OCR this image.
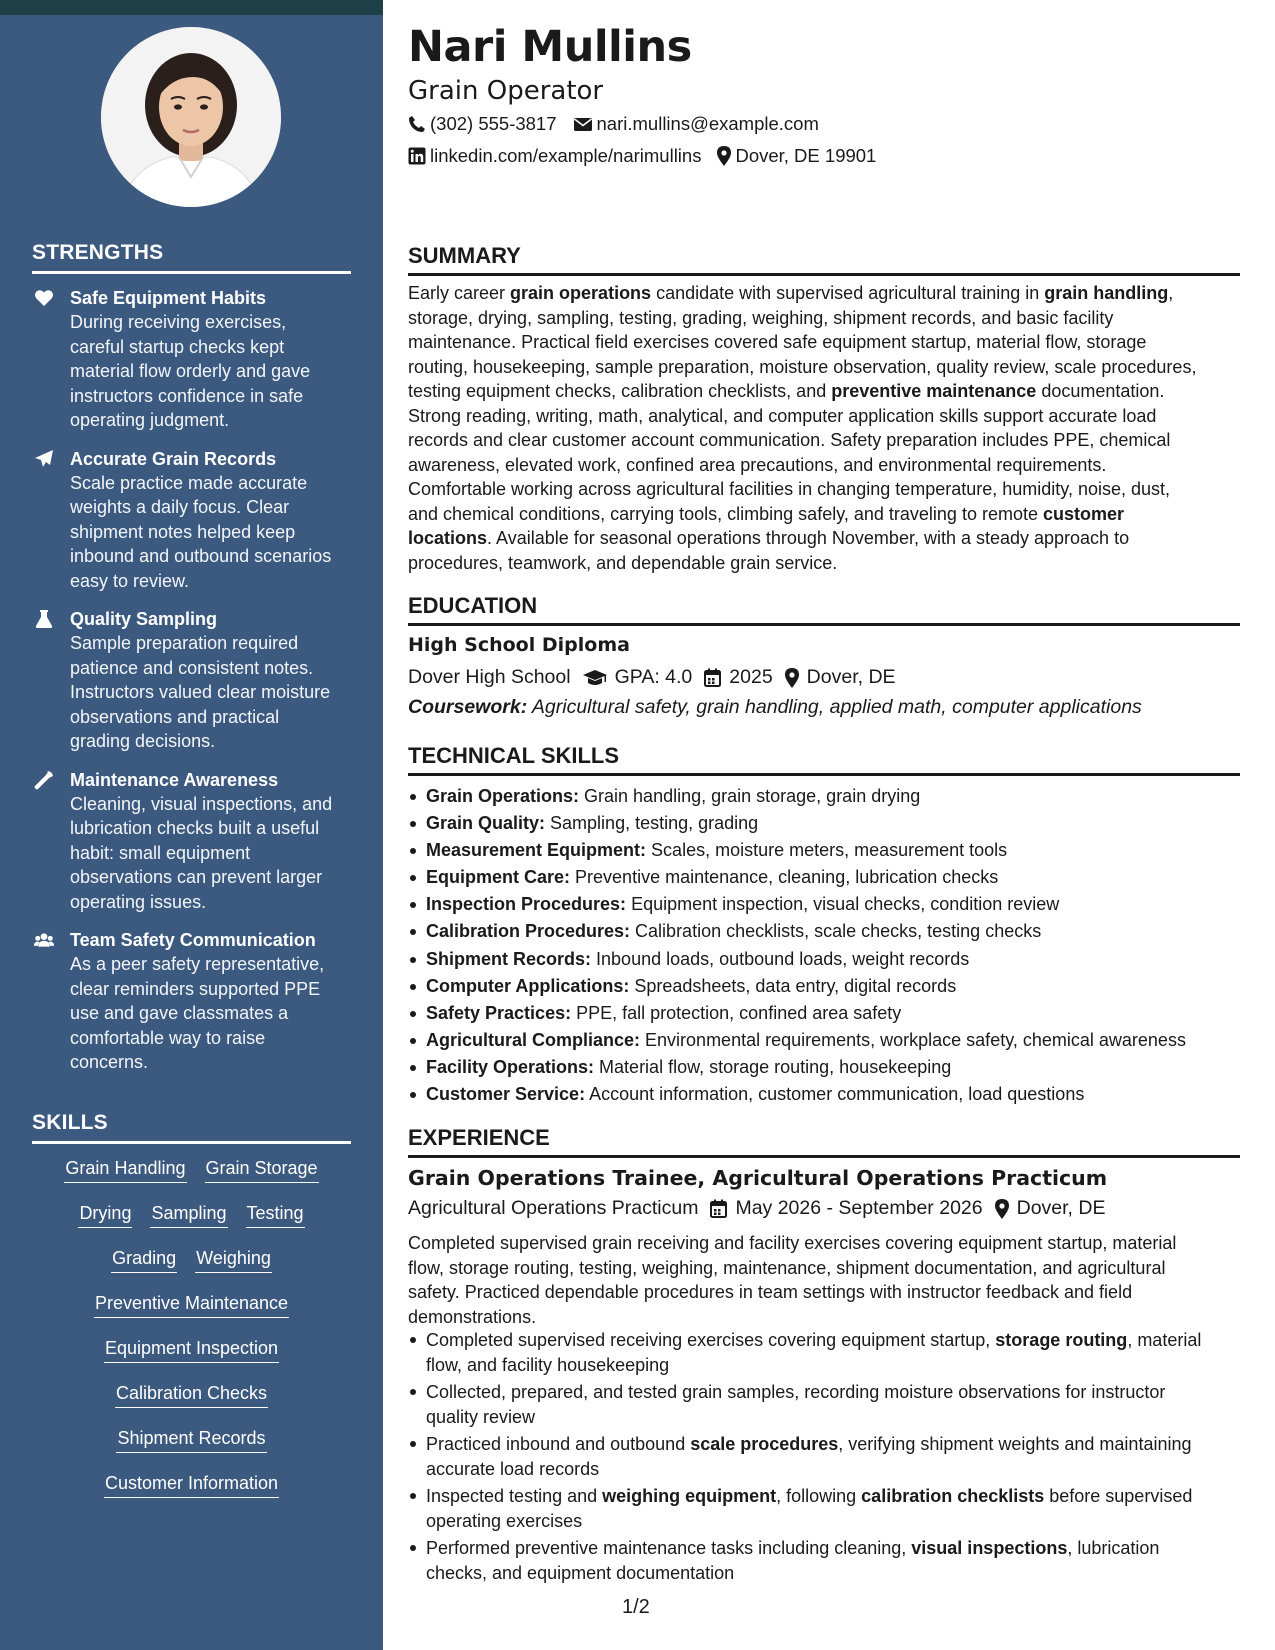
STRENGTHS
Safe Equipment Habits
During receiving exercises,
careful startup checks kept
material flow orderly and gave
instructors confidence in safe
operating judgment.
Accurate Grain Records
Scale practice made accurate
weights a daily focus. Clear
shipment notes helped keep
inbound and outbound scenarios
easy to review.
Quality Sampling
Sample preparation required
patience and consistent notes.
Instructors valued clear moisture
observations and practical
grading decisions.
Maintenance Awareness
Cleaning, visual inspections, and
lubrication checks built a useful
habit: small equipment
observations can prevent larger
operating issues.
Team Safety Communication
As a peer safety representative,
clear reminders supported PPE
use and gave classmates a
comfortable way to raise
concerns.
SKILLS
Grain Handling Grain Storage
Drying Sampling Testing
Grading Weighing
Preventive Maintenance
Equipment Inspection
Calibration Checks
Shipment Records
Customer Information
Nari Mullins
Grain Operator
(302) 555-3817 nari.mullins@example.com
linkedin.com/example/narimullins Dover, DE 19901
SUMMARY
Early career grain operations candidate with supervised agricultural training in grain handling,
storage, drying, sampling, testing, grading, weighing, shipment records, and basic facility
maintenance. Practical field exercises covered safe equipment startup, material flow, storage
routing, housekeeping, sample preparation, moisture observation, quality review, scale procedures,
testing equipment checks, calibration checklists, and preventive maintenance documentation.
Strong reading, writing, math, analytical, and computer application skills support accurate load
records and clear customer account communication. Safety preparation includes PPE, chemical
awareness, elevated work, confined area precautions, and environmental requirements.
Comfortable working across agricultural facilities in changing temperature, humidity, noise, dust,
and chemical conditions, carrying tools, climbing safely, and traveling to remote customer
locations. Available for seasonal operations through November, with a steady approach to
procedures, teamwork, and dependable grain service.
EDUCATION
High School Diploma
Dover High School GPA: 4.0 2025 Dover, DE
Coursework: Agricultural safety, grain handling, applied math, computer applications
TECHNICAL SKILLS
Grain Operations: Grain handling, grain storage, grain drying
Grain Quality: Sampling, testing, grading
Measurement Equipment: Scales, moisture meters, measurement tools
Equipment Care: Preventive maintenance, cleaning, lubrication checks
Inspection Procedures: Equipment inspection, visual checks, condition review
Calibration Procedures: Calibration checklists, scale checks, testing checks
Shipment Records: Inbound loads, outbound loads, weight records
Computer Applications: Spreadsheets, data entry, digital records
Safety Practices: PPE, fall protection, confined area safety
Agricultural Compliance: Environmental requirements, workplace safety, chemical awareness
Facility Operations: Material flow, storage routing, housekeeping
Customer Service: Account information, customer communication, load questions
EXPERIENCE
Grain Operations Trainee, Agricultural Operations Practicum
Agricultural Operations Practicum May 2026 - September 2026 Dover, DE
Completed supervised grain receiving and facility exercises covering equipment startup, material
flow, storage routing, testing, weighing, maintenance, shipment documentation, and agricultural
safety. Practiced dependable procedures in team settings with instructor feedback and field
demonstrations.
Completed supervised receiving exercises covering equipment startup, storage routing, material
flow, and facility housekeeping
Collected, prepared, and tested grain samples, recording moisture observations for instructor
quality review
Practiced inbound and outbound scale procedures, verifying shipment weights and maintaining
accurate load records
Inspected testing and weighing equipment, following calibration checklists before supervised
operating exercises
Performed preventive maintenance tasks including cleaning, visual inspections, lubrication
checks, and equipment documentation
1/2
